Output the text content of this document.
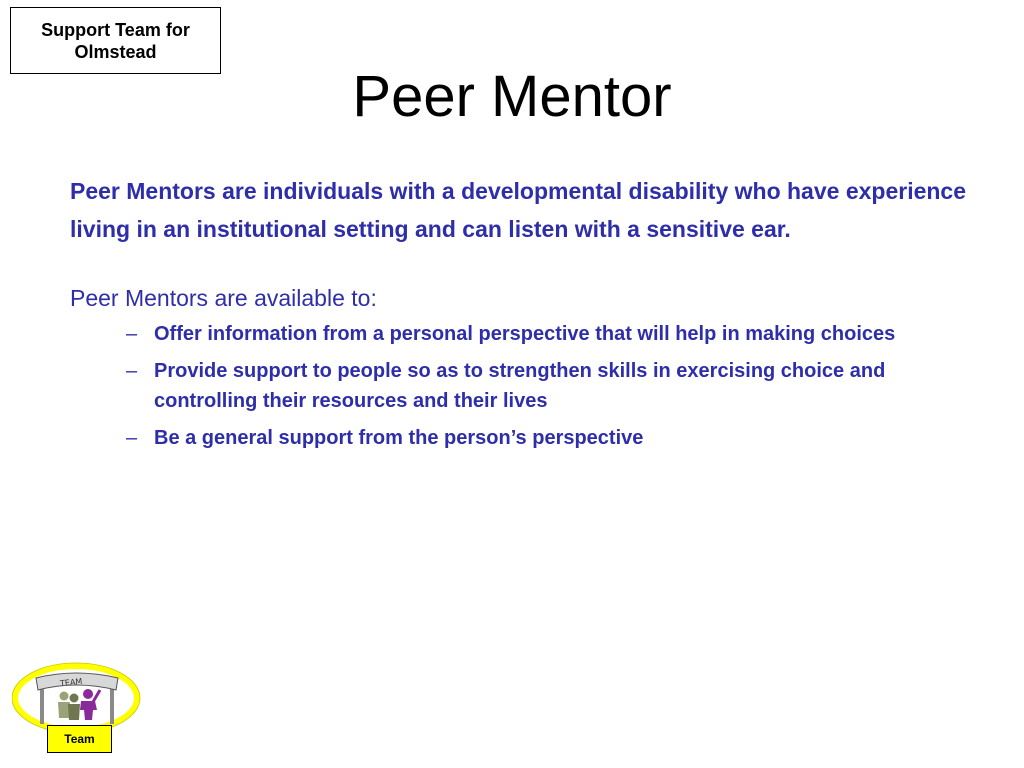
Support Team for
Olmstead
Peer Mentor

Peer Mentors are individuals with a developmental disability who have experience living in an institutional setting and can listen with a sensitive ear.

Peer Mentors are available to:

– Offer information from a personal perspective that will help in making choices
– Provide support to people so as to strengthen skills in exercising choice and controlling their resources and their lives
– Be a general support from the person’s perspective
TEAM
Team
